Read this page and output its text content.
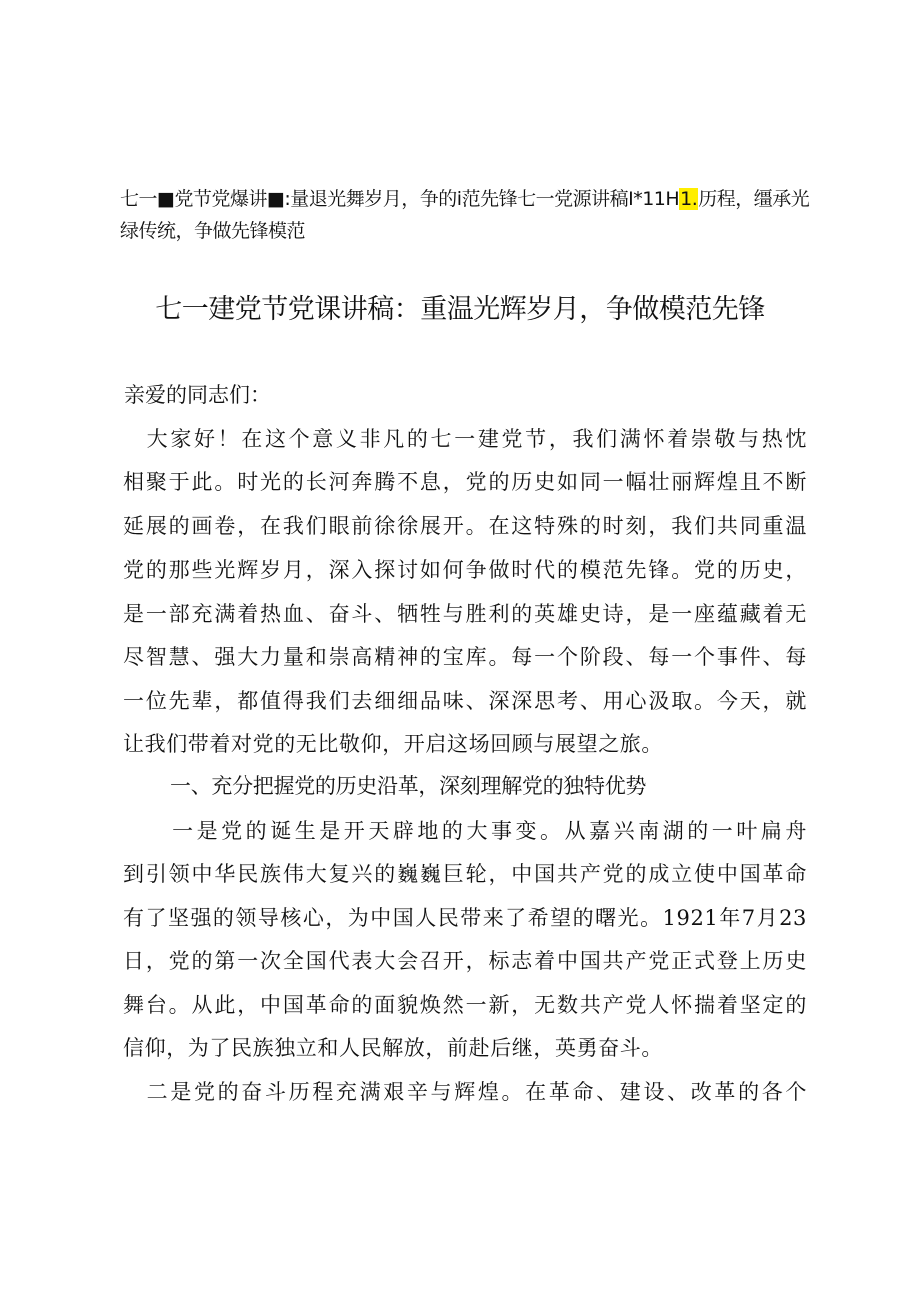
七一■党节党爆讲■:量退光舞岁月，争的i范先锋七一党源讲稿I*11H1.历程，缰承光
绿传统，争做先锋模范
七一建党节党课讲稿：重温光辉岁月，争做模范先锋
亲爱的同志们：
　大家好！在这个意义非凡的七一建党节，我们满怀着崇敬与热忱
相聚于此。时光的长河奔腾不息，党的历史如同一幅壮丽辉煌且不断
延展的画卷，在我们眼前徐徐展开。在这特殊的时刻，我们共同重温
党的那些光辉岁月，深入探讨如何争做时代的模范先锋。党的历史，
是一部充满着热血、奋斗、牺牲与胜利的英雄史诗，是一座蕴藏着无
尽智慧、强大力量和崇高精神的宝库。每一个阶段、每一个事件、每
一位先辈，都值得我们去细细品味、深深思考、用心汲取。今天，就
让我们带着对党的无比敬仰，开启这场回顾与展望之旅。
一、充分把握党的历史沿革，深刻理解党的独特优势
　　一是党的诞生是开天辟地的大事变。从嘉兴南湖的一叶扁舟
到引领中华民族伟大复兴的巍巍巨轮，中国共产党的成立使中国革命
有了坚强的领导核心，为中国人民带来了希望的曙光。1921年7月23
日，党的第一次全国代表大会召开，标志着中国共产党正式登上历史
舞台。从此，中国革命的面貌焕然一新，无数共产党人怀揣着坚定的
信仰，为了民族独立和人民解放，前赴后继，英勇奋斗。
　二是党的奋斗历程充满艰辛与辉煌。在革命、建设、改革的各个
